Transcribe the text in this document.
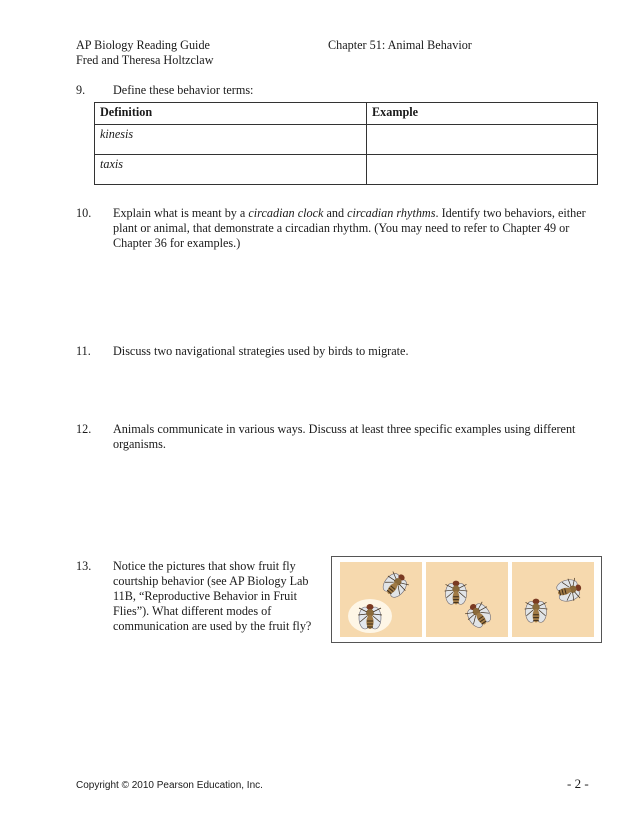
AP Biology Reading Guide
Fred and Theresa Holtzclaw
Chapter 51: Animal Behavior
9. Define these behavior terms:
Definition	Example
kinesis	
taxis	
10. Explain what is meant by a circadian clock and circadian rhythms. Identify two behaviors, either plant or animal, that demonstrate a circadian rhythm. (You may need to refer to Chapter 49 or Chapter 36 for examples.)
11. Discuss two navigational strategies used by birds to migrate.
12. Animals communicate in various ways. Discuss at least three specific examples using different organisms.
13. Notice the pictures that show fruit fly
courtship behavior (see AP Biology Lab
11B, “Reproductive Behavior in Fruit
Flies”). What different modes of
communication are used by the fruit fly?
Copyright © 2010 Pearson Education, Inc.	- 2 -
